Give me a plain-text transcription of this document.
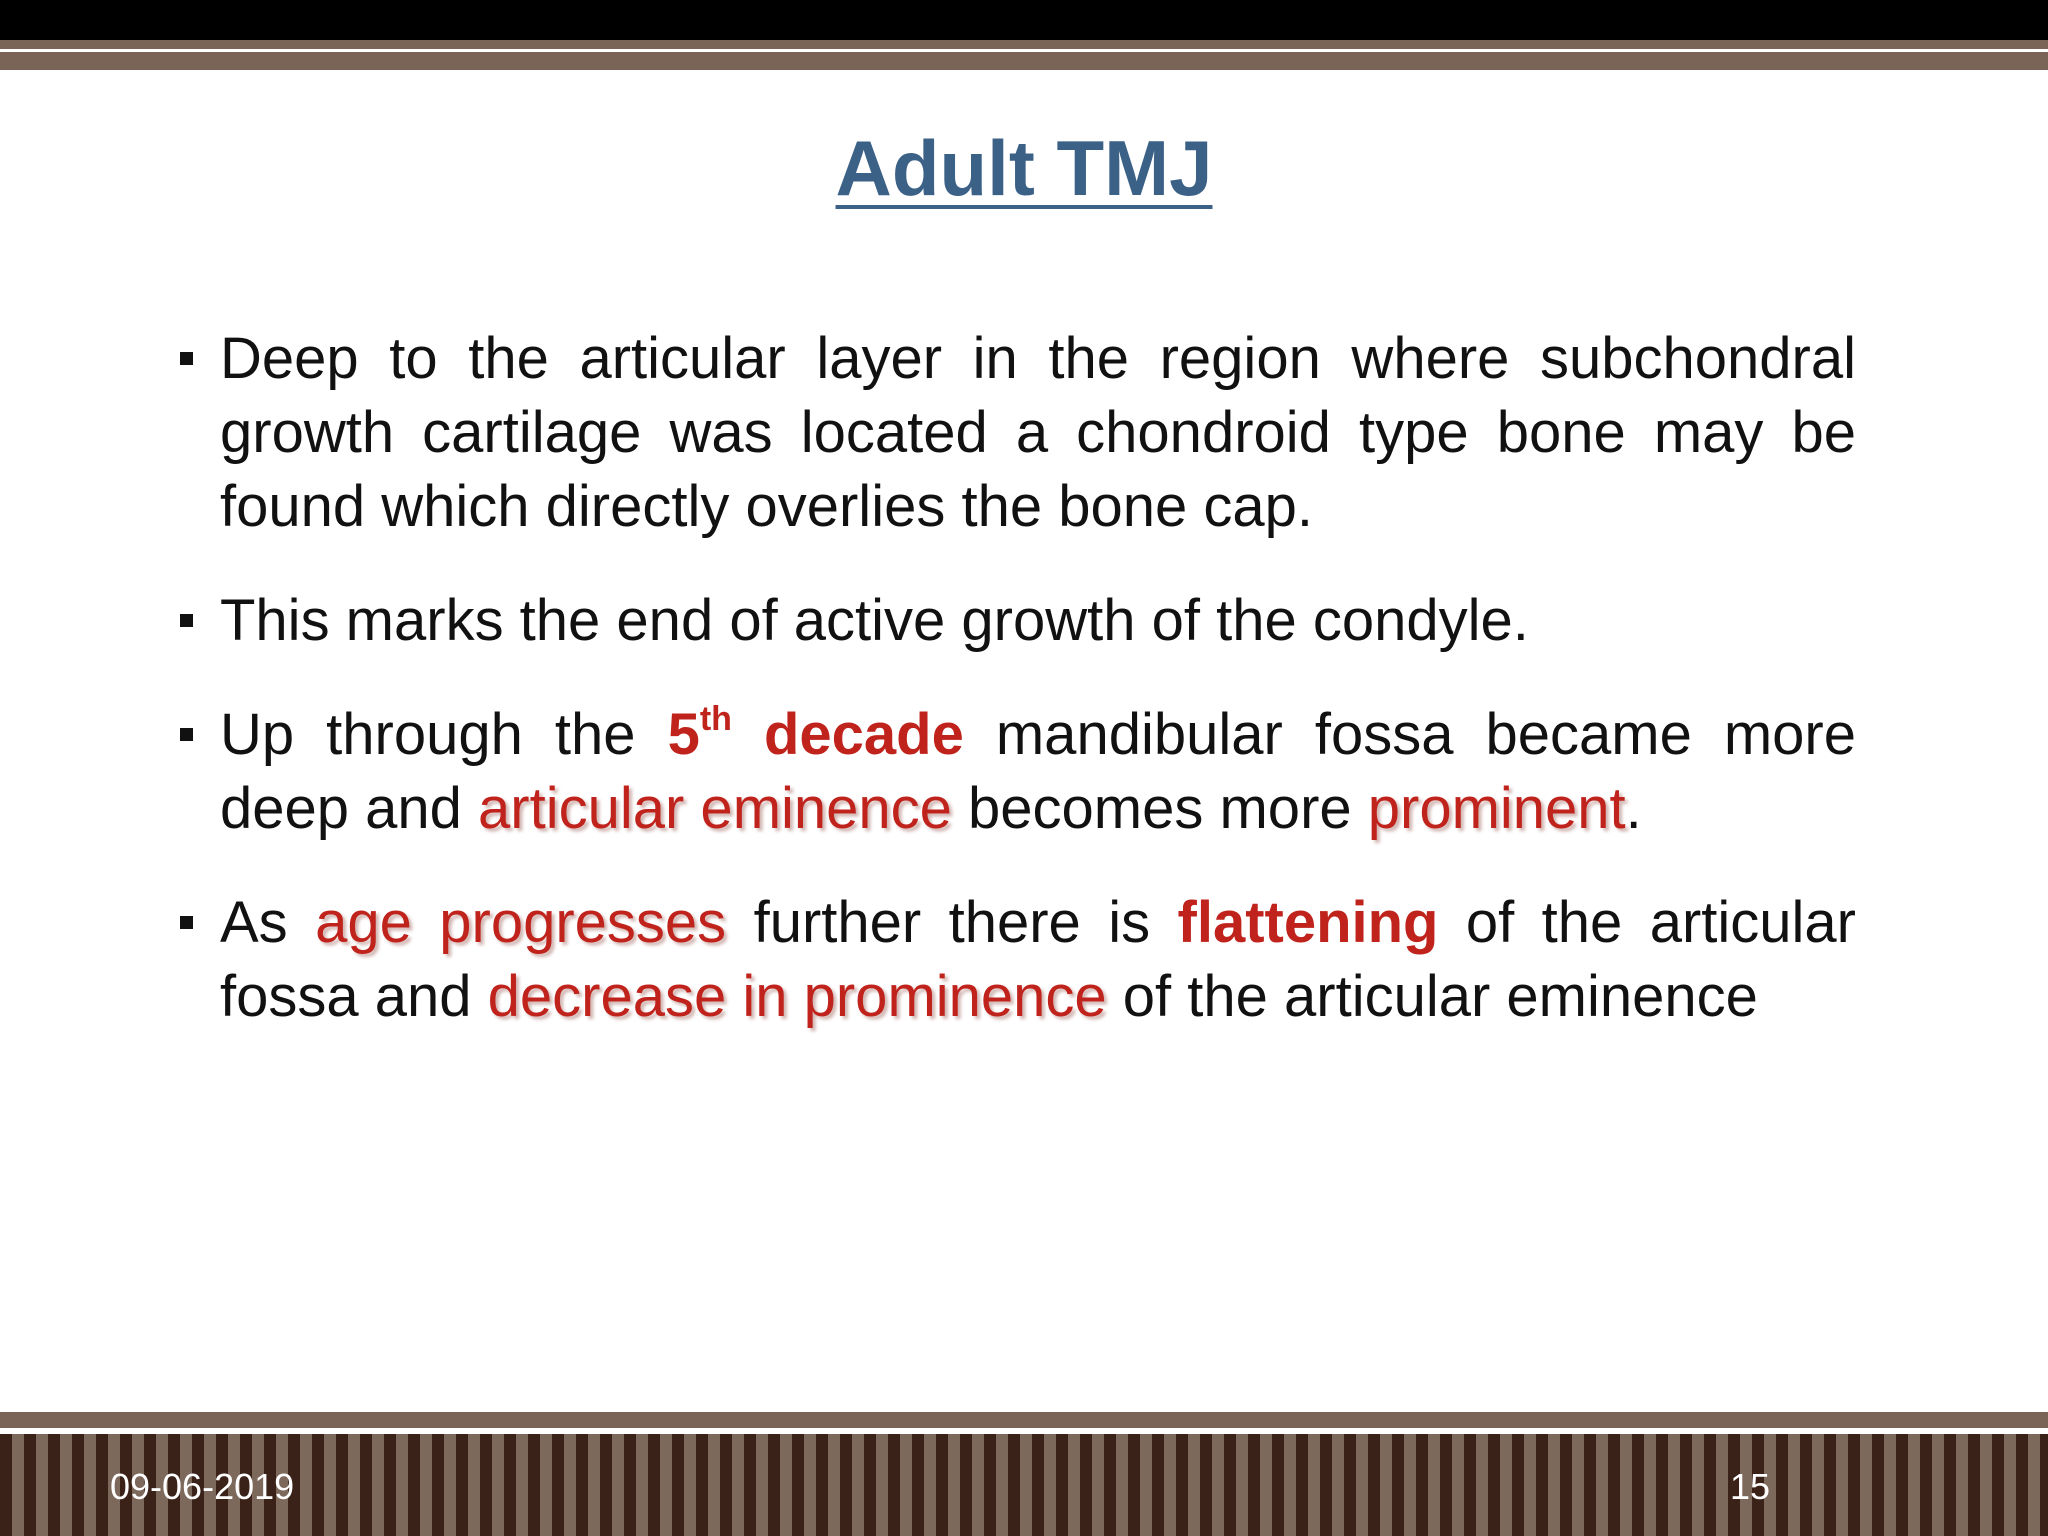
Adult TMJ
Deep to the articular layer in the region where subchondral growth cartilage was located a chondroid type bone may be found which directly overlies the bone cap.
This marks the end of active growth of the condyle.
Up through the 5th decade mandibular fossa became more deep and articular eminence becomes more prominent.
As age progresses further there is flattening of the articular fossa and decrease in prominence of the articular eminence
09-06-2019	15
